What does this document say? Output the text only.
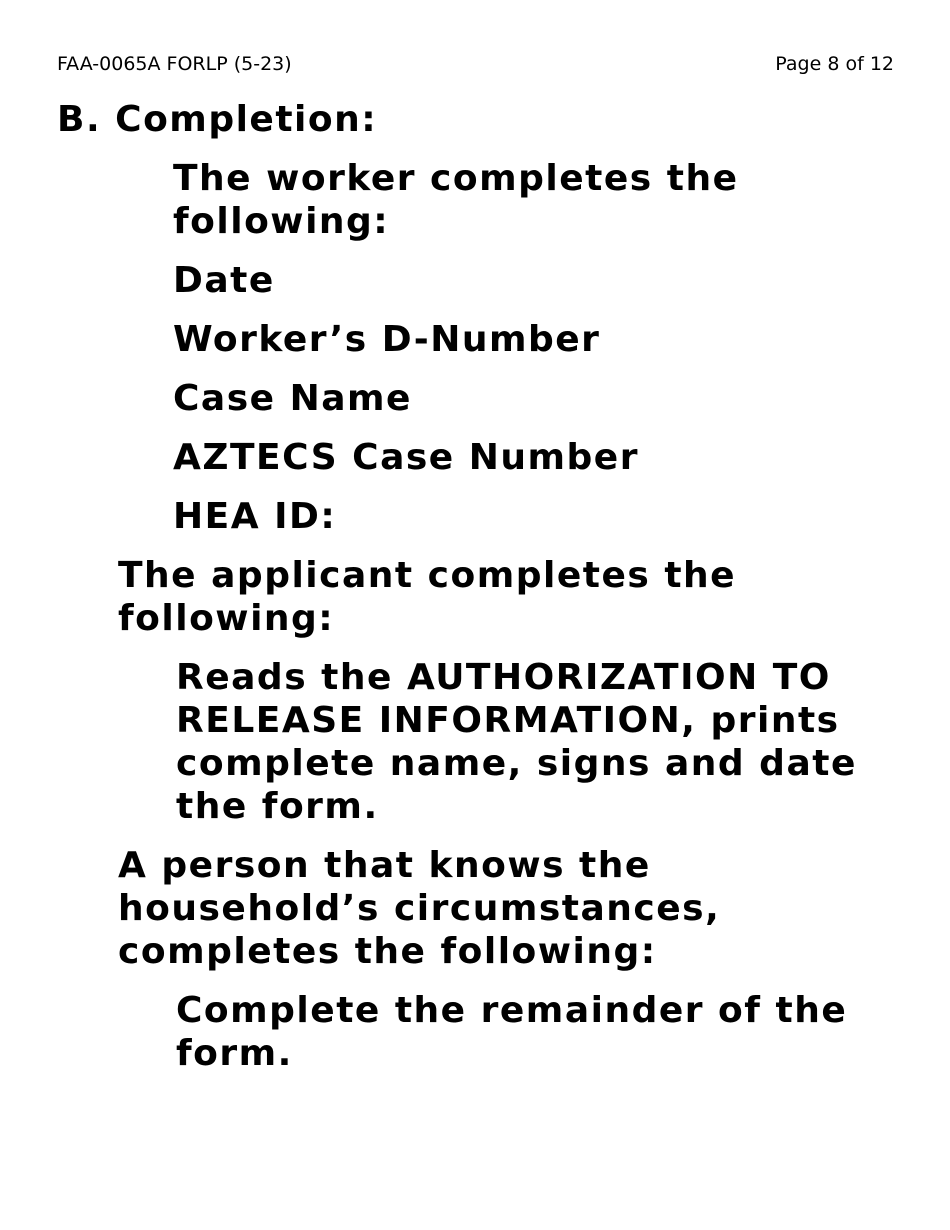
FAA-0065A FORLP (5-23)	Page 8 of 12
B. Completion:
The worker completes the following:
Date
Worker’s D-Number
Case Name
AZTECS Case Number
HEA ID:
The applicant completes the following:
Reads the AUTHORIZATION TO RELEASE INFORMATION, prints complete name, signs and date the form.
A person that knows the household’s circumstances, completes the following:
Complete the remainder of the form.
